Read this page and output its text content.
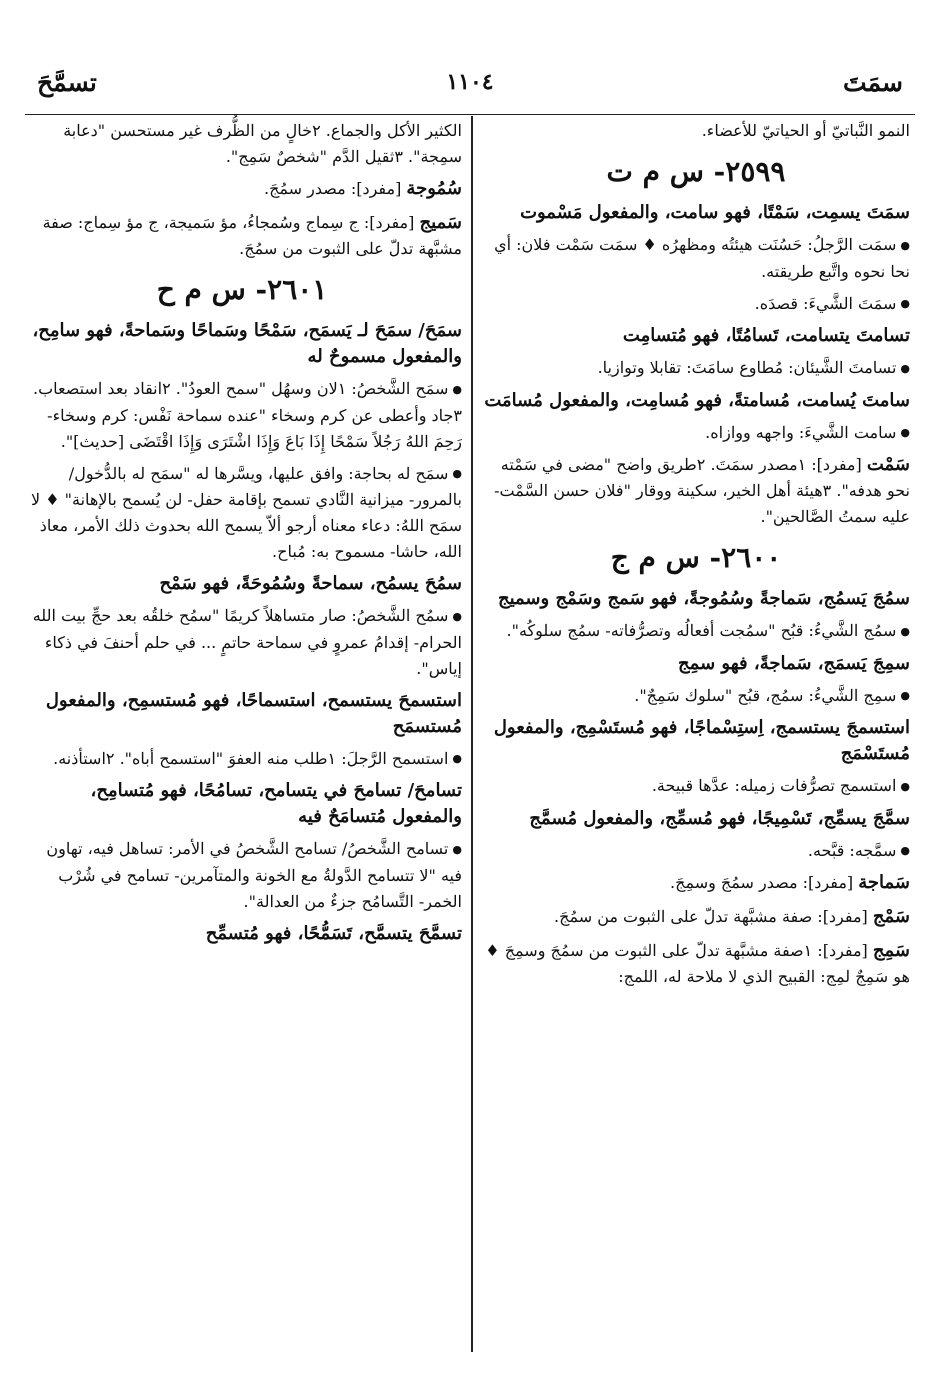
سمَتَ
١١٠٤
تسمَّحَ
النمو النَّباتيّ أو الحياتيّ للأعضاء.
٢٥٩٩- س م ت
سمَتَ يسمِت، سَمْتًا، فهو سامت، والمفعول مَسْموت
●سمَت الرَّجلُ: حَسُنَت هيئتُه ومظهرُه ♦ سمَت سَمْت فلان: أي نحا نحوه واتَّبع طريقته.
●سمَتَ الشَّيءَ: قصدَه.
تسامتَ يتسامت، تَسامُتًا، فهو مُتسامِت
●تسامتَ الشَّيئان: مُطاوع سامَتَ: تقابلا وتوازيا.
سامتَ يُسامت، مُسامتةً، فهو مُسامِت، والمفعول مُسامَت
●سامت الشَّيءَ: واجهه ووازاه.
سَمْت [مفرد]: ١مصدر سمَتَ. ٢طريق واضح "مضى في سَمْته نحو هدفه". ٣هيئة أهل الخير، سكينة ووقار "فلان حسن السَّمْت- عليه سمتُ الصَّالحين".
٢٦٠٠- س م ج
سمُجَ يَسمُج، سَماجةً وسُمُوجةً، فهو سَمج وسَمْج وسميج
●سمُج الشَّيءُ: قبُح "سمُجت أفعالُه وتصرُّفاته- سمُج سلوكُه".
سمِجَ يَسمَج، سَماجةً، فهو سمِج
●سمِج الشَّيءُ: سمُج، قبُح "سلوك سَمِجٌ".
استسمجَ يستسمج، اِستِسْماجًا، فهو مُستَسْمِج، والمفعول مُستَسْمَج
●استسمج تصرُّفات زميله: عدَّها قبيحة.
سمَّجَ يسمِّج، تَسْمِيجًا، فهو مُسمِّج، والمفعول مُسمَّج
●سمَّجه: قبَّحه.
سَماجة [مفرد]: مصدر سمُجَ وسمِجَ.
سَمْج [مفرد]: صفة مشبَّهة تدلّ على الثبوت من سمُجَ.
سَمِج [مفرد]: ١صفة مشبَّهة تدلّ على الثبوت من سمُجَ وسمِجَ ♦ هو سَمِجٌ لمِج: القبيح الذي لا ملاحة له، اللمج:
الكثير الأكل والجماع. ٢خالٍ من الظُّرف غير مستحسن "دعابة سمِجة". ٣ثقيل الدَّم "شخصٌ سَمِج".
سُمُوجة [مفرد]: مصدر سمُجَ.
سَميج [مفرد]: ج سِماج وسُمجاءُ، مؤ سَميجة، ج مؤ سِماج: صفة مشبَّهة تدلّ على الثبوت من سمُجَ.
٢٦٠١- س م ح
سمَحَ/ سمَحَ لـ يَسمَح، سَمْحًا وسَماحًا وسَماحةً، فهو سامِح، والمفعول مسموحٌ له
●سمَح الشَّخصُ: ١لان وسهُل "سمح العودُ". ٢انقاد بعد استصعاب. ٣جاد وأعطى عن كرم وسخاء "عنده سماحة نَفْس: كرم وسخاء- رَحِمَ اللهُ رَجُلاً سَمْحًا إِذَا بَاعَ وَإِذَا اشْتَرَى وَإِذَا اقْتَضَى [حديث]".
●سمَح له بحاجة: وافق عليها، ويسَّرها له "سمَح له بالدُّخول/ بالمرور- ميزانية النَّادي تسمح بإقامة حفل- لن يُسمح بالإهانة" ♦ لا سمَح اللهُ: دعاء معناه أرجو ألاّ يسمح الله بحدوث ذلك الأمر، معاذ الله، حاشا- مسموح به: مُباح.
سمُحَ يسمُح، سماحةً وسُمُوحَةً، فهو سَمْح
●سمُح الشَّخصُ: صار متساهلاً كريمًا "سمُح خلقُه بعد حجِّ بيت الله الحرام- إقدامُ عمروٍ في سماحة حاتمٍ ... في حلم أحنفَ في ذكاء إياس".
استسمحَ يستسمح، استسماحًا، فهو مُستسمِح، والمفعول مُستسمَح
●استسمح الرَّجلَ: ١طلب منه العفوَ "استسمح أباه". ٢استأذنه.
تسامحَ/ تسامحَ في يتسامح، تسامُحًا، فهو مُتسامِح، والمفعول مُتسامَحٌ فيه
●تسامح الشَّخصُ/ تسامح الشَّخصُ في الأمر: تساهل فيه، تهاون فيه "لا تتسامح الدَّولةُ مع الخونة والمتآمرين- تسامح في شُرْب الخمر- التَّسامُح جزءٌ من العدالة".
تسمَّحَ يتسمَّح، تَسَمُّحًا، فهو مُتسمِّح
